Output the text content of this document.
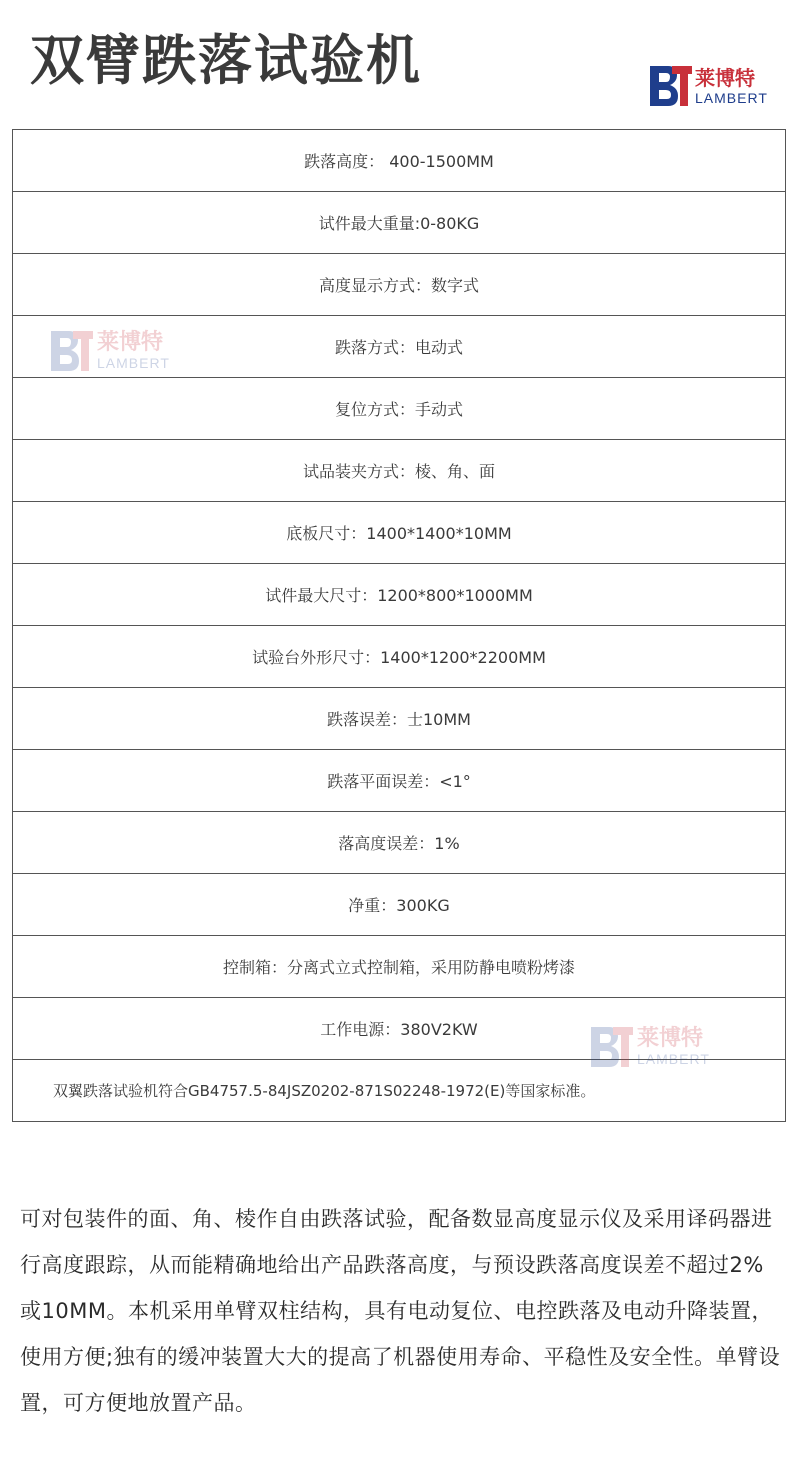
双臂跌落试验机	莱博特
LAMBERT
跌落高度： 400-1500MM
试件最大重量:0-80KG
高度显示方式：数字式
跌落方式：电动式
复位方式：手动式
试品装夹方式：棱、角、面
底板尺寸：1400*1400*10MM
试件最大尺寸：1200*800*1000MM
试验台外形尺寸：1400*1200*2200MM
跌落误差：士10MM
跌落平面误差：<1°
落高度误差：1%
净重：300KG
控制箱：分离式立式控制箱，采用防静电喷粉烤漆
工作电源：380V2KW
双翼跌落试验机符合GB4757.5-84JSZ0202-871S02248-1972(E)等国家标准。
莱博特
LAMBERT
莱博特
LAMBERT

可对包装件的面、角、棱作自由跌落试验，配备数显高度显示仪及采用译码器进行高度跟踪，从而能精确地给出产品跌落高度，与预设跌落高度误差不超过2%或10MM。本机采用单臂双柱结构，具有电动复位、电控跌落及电动升降装置，使用方便;独有的缓冲装置大大的提高了机器使用寿命、平稳性及安全性。单臂设置，可方便地放置产品。
